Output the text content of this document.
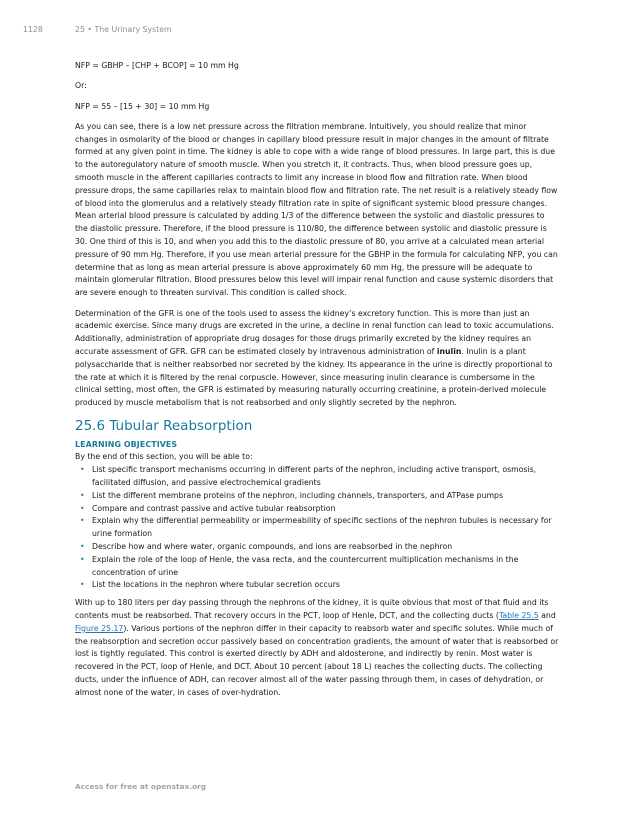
1128	25 • The Urinary System

NFP = GBHP – [CHP + BCOP] = 10 mm Hg

Or:

NFP = 55 – [15 + 30] = 10 mm Hg

As you can see, there is a low net pressure across the filtration membrane. Intuitively, you should realize that minor changes in osmolarity of the blood or changes in capillary blood pressure result in major changes in the amount of filtrate formed at any given point in time. The kidney is able to cope with a wide range of blood pressures. In large part, this is due to the autoregulatory nature of smooth muscle. When you stretch it, it contracts. Thus, when blood pressure goes up, smooth muscle in the afferent capillaries contracts to limit any increase in blood flow and filtration rate. When blood pressure drops, the same capillaries relax to maintain blood flow and filtration rate. The net result is a relatively steady flow of blood into the glomerulus and a relatively steady filtration rate in spite of significant systemic blood pressure changes. Mean arterial blood pressure is calculated by adding 1/3 of the difference between the systolic and diastolic pressures to the diastolic pressure. Therefore, if the blood pressure is 110/80, the difference between systolic and diastolic pressure is 30. One third of this is 10, and when you add this to the diastolic pressure of 80, you arrive at a calculated mean arterial pressure of 90 mm Hg. Therefore, if you use mean arterial pressure for the GBHP in the formula for calculating NFP, you can determine that as long as mean arterial pressure is above approximately 60 mm Hg, the pressure will be adequate to maintain glomerular filtration. Blood pressures below this level will impair renal function and cause systemic disorders that are severe enough to threaten survival. This condition is called shock.

Determination of the GFR is one of the tools used to assess the kidney’s excretory function. This is more than just an academic exercise. Since many drugs are excreted in the urine, a decline in renal function can lead to toxic accumulations. Additionally, administration of appropriate drug dosages for those drugs primarily excreted by the kidney requires an accurate assessment of GFR. GFR can be estimated closely by intravenous administration of inulin. Inulin is a plant polysaccharide that is neither reabsorbed nor secreted by the kidney. Its appearance in the urine is directly proportional to the rate at which it is filtered by the renal corpuscle. However, since measuring inulin clearance is cumbersome in the clinical setting, most often, the GFR is estimated by measuring naturally occurring creatinine, a protein-derived molecule produced by muscle metabolism that is not reabsorbed and only slightly secreted by the nephron.

25.6 Tubular Reabsorption
LEARNING OBJECTIVES

By the end of this section, you will be able to:

• List specific transport mechanisms occurring in different parts of the nephron, including active transport, osmosis, facilitated diffusion, and passive electrochemical gradients
• List the different membrane proteins of the nephron, including channels, transporters, and ATPase pumps
• Compare and contrast passive and active tubular reabsorption
• Explain why the differential permeability or impermeability of specific sections of the nephron tubules is necessary for urine formation
• Describe how and where water, organic compounds, and ions are reabsorbed in the nephron
• Explain the role of the loop of Henle, the vasa recta, and the countercurrent multiplication mechanisms in the concentration of urine
• List the locations in the nephron where tubular secretion occurs

With up to 180 liters per day passing through the nephrons of the kidney, it is quite obvious that most of that fluid and its contents must be reabsorbed. That recovery occurs in the PCT, loop of Henle, DCT, and the collecting ducts (Table 25.5 and Figure 25.17). Various portions of the nephron differ in their capacity to reabsorb water and specific solutes. While much of the reabsorption and secretion occur passively based on concentration gradients, the amount of water that is reabsorbed or lost is tightly regulated. This control is exerted directly by ADH and aldosterone, and indirectly by renin. Most water is recovered in the PCT, loop of Henle, and DCT. About 10 percent (about 18 L) reaches the collecting ducts. The collecting ducts, under the influence of ADH, can recover almost all of the water passing through them, in cases of dehydration, or almost none of the water, in cases of over-hydration.

Access for free at openstax.org
